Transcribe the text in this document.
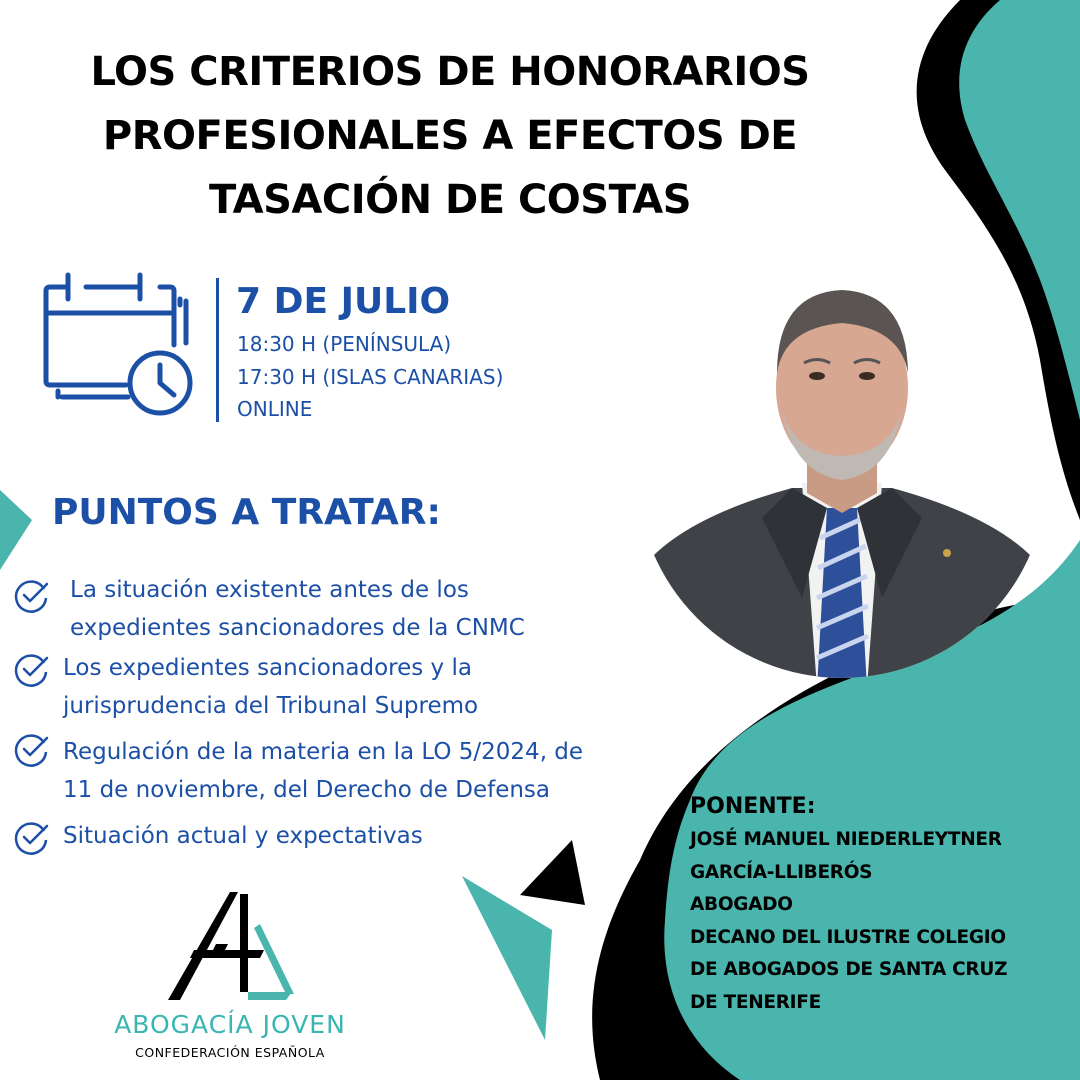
LOS CRITERIOS DE HONORARIOS
PROFESIONALES A EFECTOS DE
TASACIÓN DE COSTAS
7 DE JULIO
18:30 H (PENÍNSULA)
17:30 H (ISLAS CANARIAS)
ONLINE
PUNTOS A TRATAR:
La situación existente antes de los
expedientes sancionadores de la CNMC
Los expedientes sancionadores y la
jurisprudencia del Tribunal Supremo
Regulación de la materia en la LO 5/2024, de
11 de noviembre, del Derecho de Defensa
Situación actual y expectativas
PONENTE:
JOSÉ MANUEL NIEDERLEYTNER
GARCÍA-LLIBERÓS
ABOGADO
DECANO DEL ILUSTRE COLEGIO
DE ABOGADOS DE SANTA CRUZ
DE TENERIFE
ABOGACÍA JOVEN
CONFEDERACIÓN ESPAÑOLA
